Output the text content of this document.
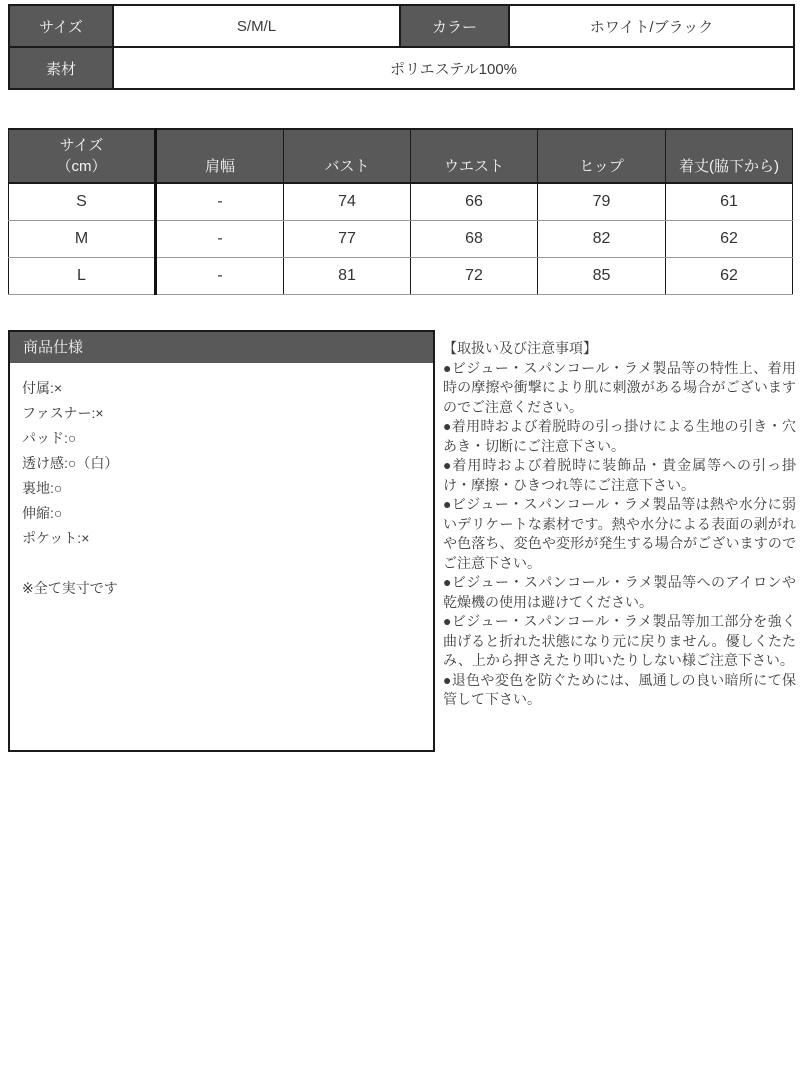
サイズ	S/M/L	カラー	ホワイト/ブラック
素材	ポリエステル100%		
サイズ
（cm）	肩幅	バスト	ウエスト	ヒップ	着丈(脇下から)
S	-	74	66	79	61
M	-	77	68	82	62
L	-	81	72	85	62
商品仕様
付属:×
ファスナー:×
パッド:○
透け感:○（白）
裏地:○
伸縮:○
ポケット:×
※全て実寸です

【取扱い及び注意事項】

●ビジュー・スパンコール・ラメ製品等の特性上、着用時の摩擦や衝撃により肌に刺激がある場合がございますのでご注意ください。

●着用時および着脱時の引っ掛けによる生地の引き・穴あき・切断にご注意下さい。

●着用時および着脱時に装飾品・貴金属等への引っ掛け・摩擦・ひきつれ等にご注意下さい。

●ビジュー・スパンコール・ラメ製品等は熱や水分に弱いデリケートな素材です。熱や水分による表面の剥がれや色落ち、変色や変形が発生する場合がございますのでご注意下さい。

●ビジュー・スパンコール・ラメ製品等へのアイロンや乾燥機の使用は避けてください。

●ビジュー・スパンコール・ラメ製品等加工部分を強く曲げると折れた状態になり元に戻りません。優しくたたみ、上から押さえたり叩いたりしない様ご注意下さい。

●退色や変色を防ぐためには、風通しの良い暗所にて保管して下さい。
